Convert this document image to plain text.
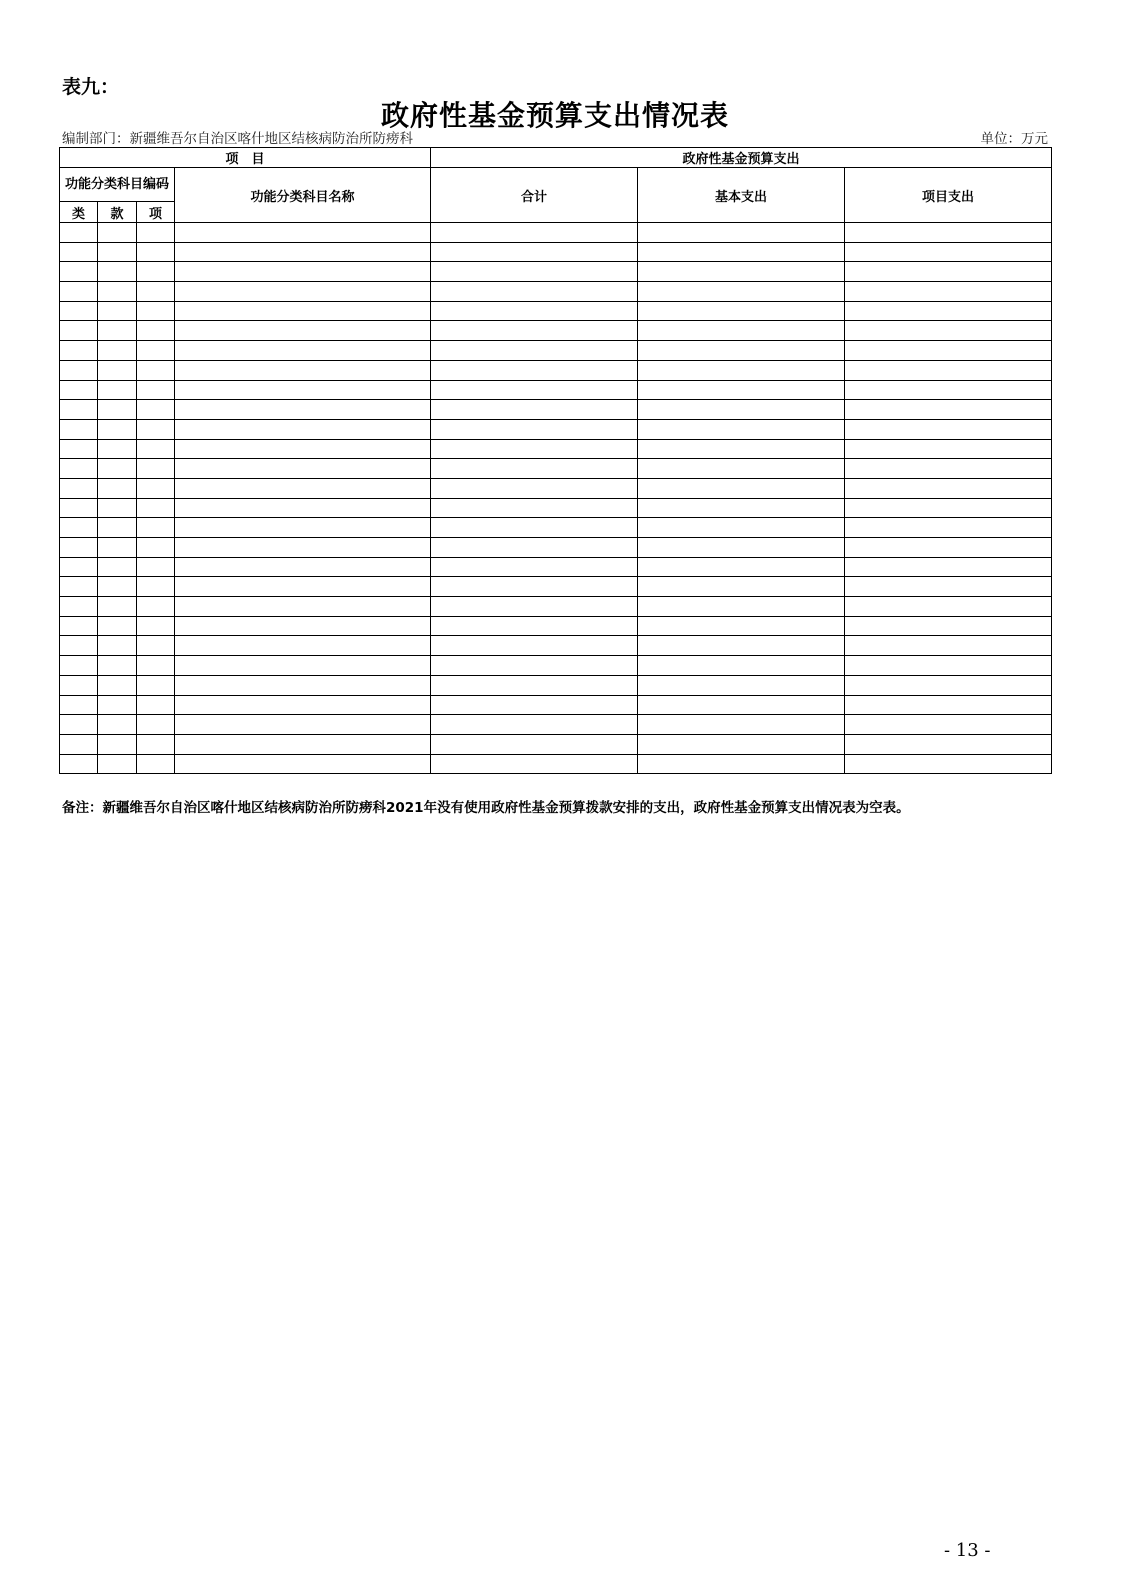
表九：
政府性基金预算支出情况表
编制部门：新疆维吾尔自治区喀什地区结核病防治所防痨科	单位：万元
项　目				政府性基金预算支出		
功能分类科目编码			功能分类科目名称	合计	基本支出	项目支出
类	款	项				

备注：新疆维吾尔自治区喀什地区结核病防治所防痨科2021年没有使用政府性基金预算拨款安排的支出，政府性基金预算支出情况表为空表。
- 13 -
